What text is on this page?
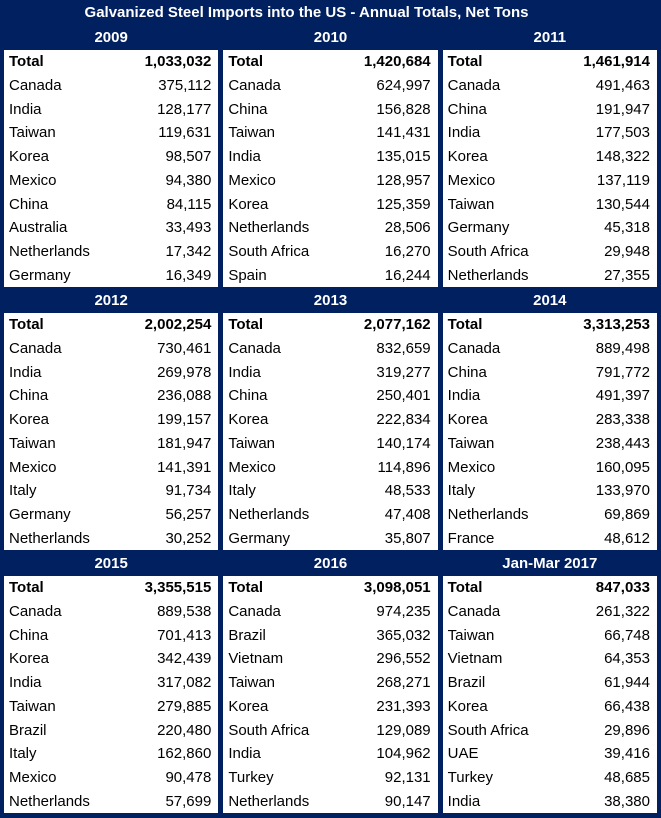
Galvanized Steel Imports into the US - Annual Totals, Net Tons
2009
Total	1,033,032
Canada	375,112
India	128,177
Taiwan	119,631
Korea	98,507
Mexico	94,380
China	84,115
Australia	33,493
Netherlands	17,342
Germany	16,349
2010
Total	1,420,684
Canada	624,997
China	156,828
Taiwan	141,431
India	135,015
Mexico	128,957
Korea	125,359
Netherlands	28,506
South Africa	16,270
Spain	16,244
2011
Total	1,461,914
Canada	491,463
China	191,947
India	177,503
Korea	148,322
Mexico	137,119
Taiwan	130,544
Germany	45,318
South Africa	29,948
Netherlands	27,355
2012
Total	2,002,254
Canada	730,461
India	269,978
China	236,088
Korea	199,157
Taiwan	181,947
Mexico	141,391
Italy	91,734
Germany	56,257
Netherlands	30,252
2013
Total	2,077,162
Canada	832,659
India	319,277
China	250,401
Korea	222,834
Taiwan	140,174
Mexico	114,896
Italy	48,533
Netherlands	47,408
Germany	35,807
2014
Total	3,313,253
Canada	889,498
China	791,772
India	491,397
Korea	283,338
Taiwan	238,443
Mexico	160,095
Italy	133,970
Netherlands	69,869
France	48,612
2015
Total	3,355,515
Canada	889,538
China	701,413
Korea	342,439
India	317,082
Taiwan	279,885
Brazil	220,480
Italy	162,860
Mexico	90,478
Netherlands	57,699
2016
Total	3,098,051
Canada	974,235
Brazil	365,032
Vietnam	296,552
Taiwan	268,271
Korea	231,393
South Africa	129,089
India	104,962
Turkey	92,131
Netherlands	90,147
Jan-Mar 2017
Total	847,033
Canada	261,322
Taiwan	66,748
Vietnam	64,353
Brazil	61,944
Korea	66,438
South Africa	29,896
UAE	39,416
Turkey	48,685
India	38,380
